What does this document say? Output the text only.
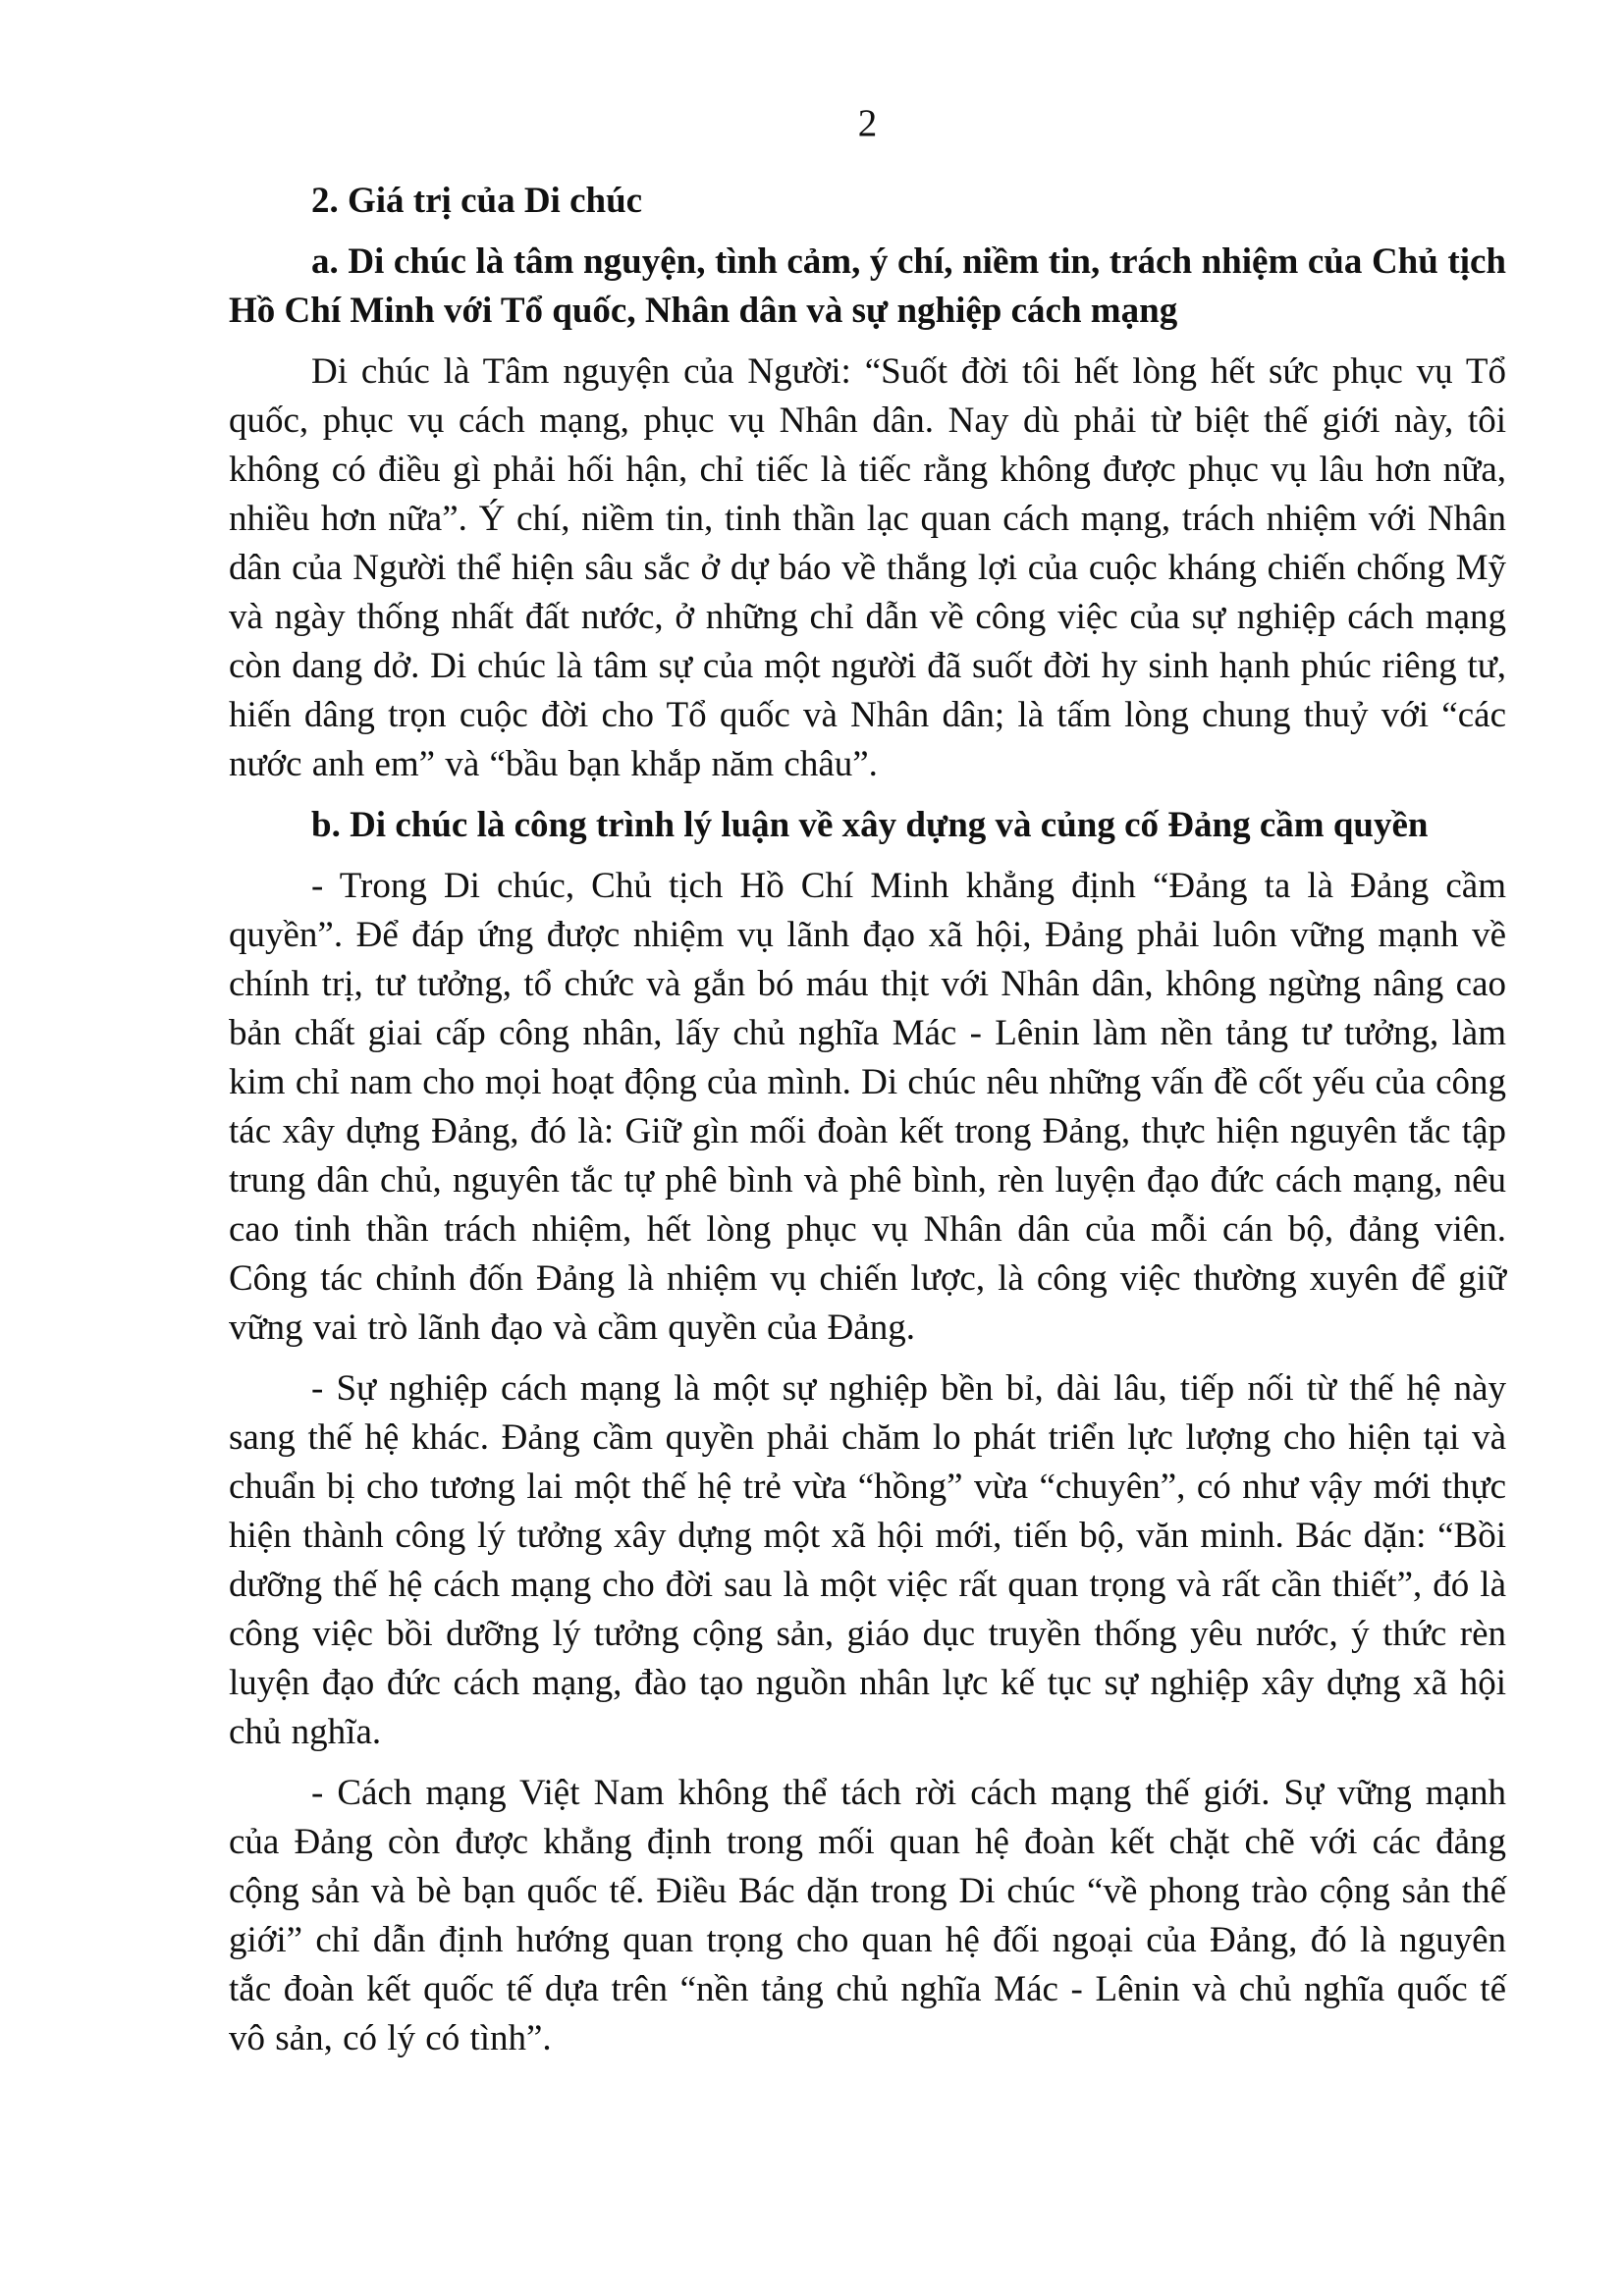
2
2. Giá trị của Di chúc
a. Di chúc là tâm nguyện, tình cảm, ý chí, niềm tin, trách nhiệm của Chủ tịch Hồ Chí Minh với Tổ quốc, Nhân dân và sự nghiệp cách mạng

Di chúc là Tâm nguyện của Người: “Suốt đời tôi hết lòng hết sức phục vụ Tổ quốc, phục vụ cách mạng, phục vụ Nhân dân. Nay dù phải từ biệt thế giới này, tôi không có điều gì phải hối hận, chỉ tiếc là tiếc rằng không được phục vụ lâu hơn nữa, nhiều hơn nữa”. Ý chí, niềm tin, tinh thần lạc quan cách mạng, trách nhiệm với Nhân dân của Người thể hiện sâu sắc ở dự báo về thắng lợi của cuộc kháng chiến chống Mỹ và ngày thống nhất đất nước, ở những chỉ dẫn về công việc của sự nghiệp cách mạng còn dang dở. Di chúc là tâm sự của một người đã suốt đời hy sinh hạnh phúc riêng tư, hiến dâng trọn cuộc đời cho Tổ quốc và Nhân dân; là tấm lòng chung thuỷ với “các nước anh em” và “bầu bạn khắp năm châu”.

b. Di chúc là công trình lý luận về xây dựng và củng cố Đảng cầm quyền

- Trong Di chúc, Chủ tịch Hồ Chí Minh khẳng định “Đảng ta là Đảng cầm quyền”. Để đáp ứng được nhiệm vụ lãnh đạo xã hội, Đảng phải luôn vững mạnh về chính trị, tư tưởng, tổ chức và gắn bó máu thịt với Nhân dân, không ngừng nâng cao bản chất giai cấp công nhân, lấy chủ nghĩa Mác - Lênin làm nền tảng tư tưởng, làm kim chỉ nam cho mọi hoạt động của mình. Di chúc nêu những vấn đề cốt yếu của công tác xây dựng Đảng, đó là: Giữ gìn mối đoàn kết trong Đảng, thực hiện nguyên tắc tập trung dân chủ, nguyên tắc tự phê bình và phê bình, rèn luyện đạo đức cách mạng, nêu cao tinh thần trách nhiệm, hết lòng phục vụ Nhân dân của mỗi cán bộ, đảng viên. Công tác chỉnh đốn Đảng là nhiệm vụ chiến lược, là công việc thường xuyên để giữ vững vai trò lãnh đạo và cầm quyền của Đảng.

- Sự nghiệp cách mạng là một sự nghiệp bền bỉ, dài lâu, tiếp nối từ thế hệ này sang thế hệ khác. Đảng cầm quyền phải chăm lo phát triển lực lượng cho hiện tại và chuẩn bị cho tương lai một thế hệ trẻ vừa “hồng” vừa “chuyên”, có như vậy mới thực hiện thành công lý tưởng xây dựng một xã hội mới, tiến bộ, văn minh. Bác dặn: “Bồi dưỡng thế hệ cách mạng cho đời sau là một việc rất quan trọng và rất cần thiết”, đó là công việc bồi dưỡng lý tưởng cộng sản, giáo dục truyền thống yêu nước, ý thức rèn luyện đạo đức cách mạng, đào tạo nguồn nhân lực kế tục sự nghiệp xây dựng xã hội chủ nghĩa.

- Cách mạng Việt Nam không thể tách rời cách mạng thế giới. Sự vững mạnh của Đảng còn được khẳng định trong mối quan hệ đoàn kết chặt chẽ với các đảng cộng sản và bè bạn quốc tế. Điều Bác dặn trong Di chúc “về phong trào cộng sản thế giới” chỉ dẫn định hướng quan trọng cho quan hệ đối ngoại của Đảng, đó là nguyên tắc đoàn kết quốc tế dựa trên “nền tảng chủ nghĩa Mác - Lênin và chủ nghĩa quốc tế vô sản, có lý có tình”.
